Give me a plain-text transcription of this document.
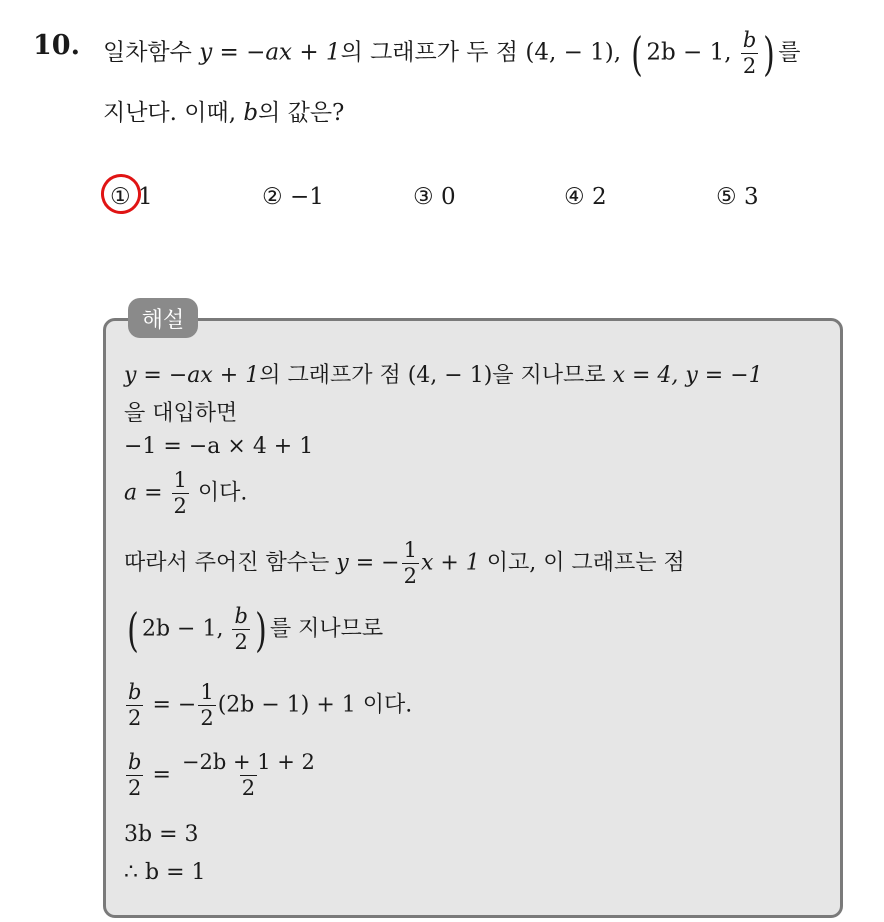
10. 일차함수 y = −ax + 1의 그래프가 두 점 (4, − 1), ( 2b − 1, $\frac{b}{2}$ ) 를
지난다. 이때, b의 값은?
① 1	② −1	③ 0	④ 2	⑤ 3
해설
y = −ax + 1의 그래프가 점 (4, − 1)을 지나므로 x = 4, y = −1
을 대입하면
−1 = −a × 4 + 1
$a = \frac{1}{2}$ 이다.
따라서 주어진 함수는 y = − $\frac{1}{2}$ x + 1 이고, 이 그래프는 점
( 2b − 1, $\frac{b}{2}$ ) 를 지나므로
$\frac{b}{2}$ = − $\frac{1}{2} (2b - 1) + 1$ 이다.
$\frac{b}{2} = \frac{-2b + 1 + 2}{2}$
3b = 3
∴ b = 1
